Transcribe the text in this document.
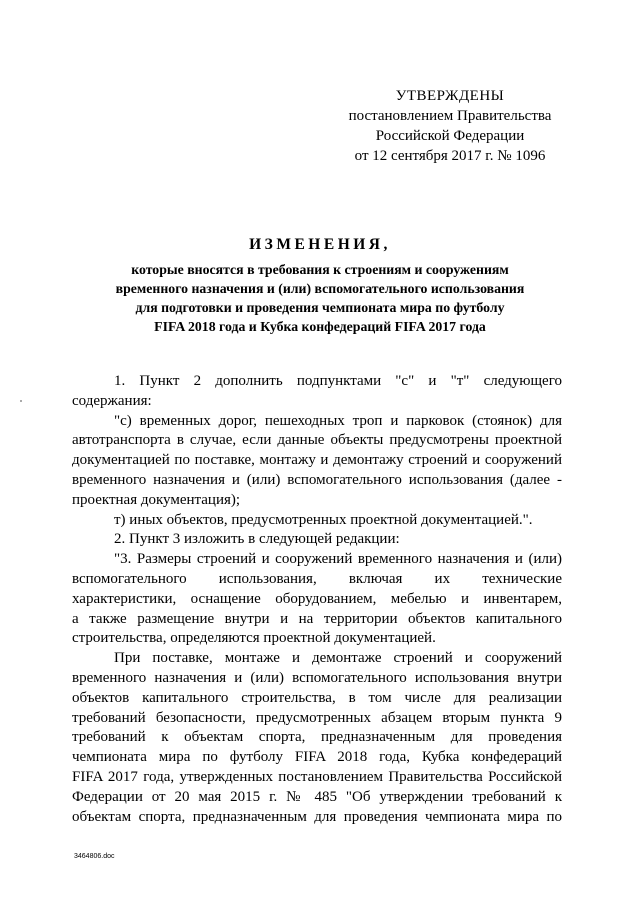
УТВЕРЖДЕНЫ
постановлением Правительства
Российской Федерации
от 12 сентября 2017 г. № 1096
ИЗМЕНЕНИЯ,
которые вносятся в требования к строениям и сооружениям
временного назначения и (или) вспомогательного использования
для подготовки и проведения чемпионата мира по футболу
FIFA 2018 года и Кубка конфедераций FIFA 2017 года
1. Пункт 2 дополнить подпунктами "с" и "т" следующего
содержания:
"с) временных дорог, пешеходных троп и парковок (стоянок) для
автотранспорта в случае, если данные объекты предусмотрены проектной
документацией по поставке, монтажу и демонтажу строений и сооружений
временного назначения и (или) вспомогательного использования (далее -
проектная документация);
т) иных объектов, предусмотренных проектной документацией.".
2. Пункт 3 изложить в следующей редакции:
"3. Размеры строений и сооружений временного назначения и (или)
вспомогательного использования, включая их технические
характеристики, оснащение оборудованием, мебелью и инвентарем,
а также размещение внутри и на территории объектов капитального
строительства, определяются проектной документацией.
При поставке, монтаже и демонтаже строений и сооружений
временного назначения и (или) вспомогательного использования внутри
объектов капитального строительства, в том числе для реализации
требований безопасности, предусмотренных абзацем вторым пункта 9
требований к объектам спорта, предназначенным для проведения
чемпионата мира по футболу FIFA 2018 года, Кубка конфедераций
FIFA 2017 года, утвержденных постановлением Правительства Российской
Федерации от 20 мая 2015 г. № 485 "Об утверждении требований к
объектам спорта, предназначенным для проведения чемпионата мира по
3464806.doc
